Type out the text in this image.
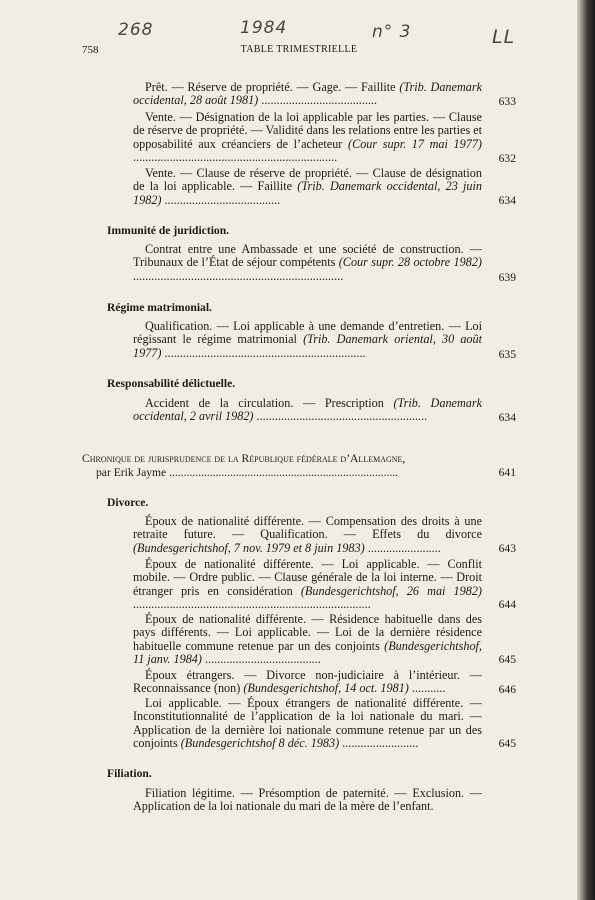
268	1984	n° 3	LL
758	TABLE TRIMESTRIELLE
Prêt. — Réserve de propriété. — Gage. — Faillite (Trib. Danemark occidental, 28 août 1981) ......................................	633
Vente. — Désignation de la loi applicable par les parties. — Clause de réserve de propriété. — Validité dans les relations entre les parties et opposabilité aux créanciers de l’acheteur (Cour supr. 17 mai 1977) ...................................................................	632
Vente. — Clause de réserve de propriété. — Clause de désignation de la loi applicable. — Faillite (Trib. Danemark occidental, 23 juin 1982) ......................................	634
Immunité de juridiction.
Contrat entre une Ambassade et une société de construction. — Tribunaux de l’État de séjour compétents (Cour supr. 28 octobre 1982) .....................................................................	639
Régime matrimonial.
Qualification. — Loi applicable à une demande d’entretien. — Loi régissant le régime matrimonial (Trib. Danemark oriental, 30 août 1977) ..................................................................	635
Responsabilité délictuelle.
Accident de la circulation. — Prescription (Trib. Danemark occidental, 2 avril 1982) ........................................................	634
Chronique de jurisprudence de la République fédérale d’Allemagne,
par Erik Jayme ...............................................................................	641
Divorce.
Époux de nationalité différente. — Compensation des droits à une retraite future. — Qualification. — Effets du divorce (Bundesgerichtshof, 7 nov. 1979 et 8 juin 1983) ........................	643
Époux de nationalité différente. — Loi applicable. — Conflit mobile. — Ordre public. — Clause générale de la loi interne. — Droit étranger pris en considération (Bundesgerichtshof, 26 mai 1982) ..............................................................................	644
Époux de nationalité différente. — Résidence habituelle dans des pays différents. — Loi applicable. — Loi de la dernière résidence habituelle commune retenue par un des conjoints (Bundesgerichtshof, 11 janv. 1984) ......................................	645
Époux étrangers. — Divorce non-judiciaire à l’intérieur. — Reconnaissance (non) (Bundesgerichtshof, 14 oct. 1981) ...........	646
Loi applicable. — Époux étrangers de nationalité différente. — Inconstitutionnalité de l’application de la loi nationale du mari. — Application de la dernière loi nationale commune retenue par un des conjoints (Bundesgerichtshof 8 déc. 1983) .........................	645
Filiation.
Filiation légitime. — Présomption de paternité. — Exclusion. — Application de la loi nationale du mari de la mère de l’enfant.
